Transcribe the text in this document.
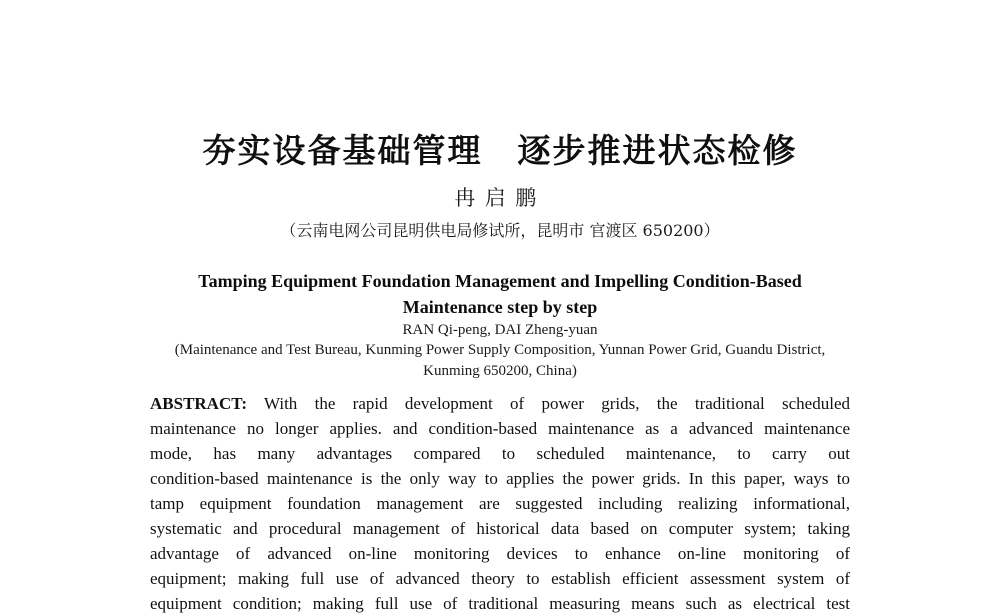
夯实设备基础管理　逐步推进状态检修
冉启鹏
（云南电网公司昆明供电局修试所，昆明市 官渡区 650200）
Tamping Equipment Foundation Management and Impelling Condition-Based
Maintenance step by step
RAN Qi-peng, DAI Zheng-yuan
(Maintenance and Test Bureau, Kunming Power Supply Composition, Yunnan Power Grid, Guandu District,
Kunming 650200, China)
ABSTRACT: With the rapid development of power grids, the traditional scheduled
maintenance no longer applies. and condition-based maintenance as a advanced maintenance
mode, has many advantages compared to scheduled maintenance, to carry out
condition-based maintenance is the only way to applies the power grids. In this paper, ways to
tamp equipment foundation management are suggested including realizing informational,
systematic and procedural management of historical data based on computer system; taking
advantage of advanced on-line monitoring devices to enhance on-line monitoring of
equipment; making full use of advanced theory to establish efficient assessment system of
equipment condition; making full use of traditional measuring means such as electrical test
